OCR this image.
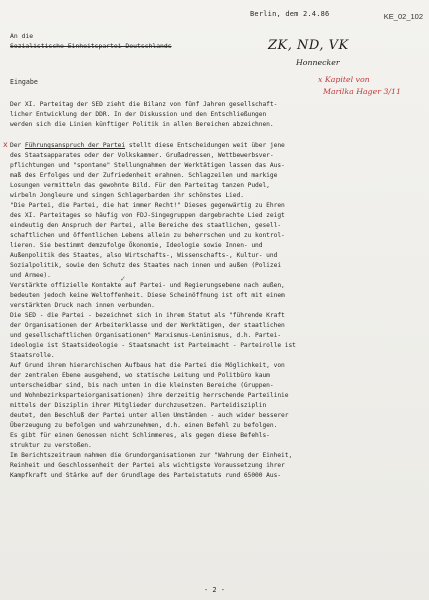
KE_02_102
Berlin, dem 2.4.86
An die
Sozialistische Einheitspartei Deutschlands	ZK, ND, VK
Honnecker
x Kapitel von
Marilka Hager 3/11
x
✓
Eingabe
Der XI. Parteitag der SED zieht die Bilanz von fünf Jahren gesellschaft-
licher Entwicklung der DDR. In der Diskussion und den Entschließungen
werden sich die Linien künftiger Politik in allen Bereichen abzeichnen.
Der Führungsanspruch der Partei stellt diese Entscheidungen weit über jene
des Staatsapparates oder der Volkskammer. Grußadressen, Wettbewerbsver-
pflichtungen und "spontane" Stellungnahmen der Werktätigen lassen das Aus-
maß des Erfolges und der Zufriedenheit erahnen. Schlagzeilen und markige
Losungen vermitteln das gewohnte Bild. Für den Parteitag tanzen Pudel,
wirbeln Jongleure und singen Schlagerbarden ihr schönstes Lied.
"Die Partei, die Partei, die hat immer Recht!" Dieses gegenwärtig zu Ehren
des XI. Parteitages so häufig von FDJ-Singegruppen dargebrachte Lied zeigt
eindeutig den Anspruch der Partei, alle Bereiche des staatlichen, gesell-
schaftlichen und öffentlichen Lebens allein zu beherrschen und zu kontrol-
lieren. Sie bestimmt demzufolge Ökonomie, Ideologie sowie Innen- und
Außenpolitik des Staates, also Wirtschafts-, Wissenschafts-, Kultur- und
Sozialpolitik, sowie den Schutz des Staates nach innen und außen (Polizei
und Armee).
Verstärkte offizielle Kontakte auf Partei- und Regierungsebene nach außen,
bedeuten jedoch keine Weltoffenheit. Diese Scheinöffnung ist oft mit einem
verstärkten Druck nach innen verbunden.
Die SED - die Partei - bezeichnet sich in ihrem Statut als "führende Kraft
der Organisationen der Arbeiterklasse und der Werktätigen, der staatlichen
und gesellschaftlichen Organisationen" Marxismus-Leninismus, d.h. Partei-
ideologie ist Staatsideologie - Staatsmacht ist Parteimacht - Parteirolle ist
Staatsrolle.
Auf Grund ihrem hierarchischen Aufbaus hat die Partei die Möglichkeit, von
der zentralen Ebene ausgehend, wo statische Leitung und Politbüro kaum
unterscheidbar sind, bis nach unten in die kleinsten Bereiche (Gruppen-
und Wohnbezirksparteiorganisationen) ihre derzeitig herrschende Parteilinie
mittels der Disziplin ihrer Mitglieder durchzusetzen. Parteidisziplin
deutet, den Beschluß der Partei unter allen Umständen - auch wider besserer
Überzeugung zu befolgen und wahrzunehmen, d.h. einen Befehl zu befolgen.
Es gibt für einen Genossen nicht Schlimmeres, als gegen diese Befehls-
struktur zu verstoßen.
Im Berichtszeitraum nahmen die Grundorganisationen zur "Wahrung der Einheit,
Reinheit und Geschlossenheit der Partei als wichtigste Voraussetzung ihrer
Kampfkraft und Stärke auf der Grundlage des Parteistatuts rund 65000 Aus-
- 2 -
